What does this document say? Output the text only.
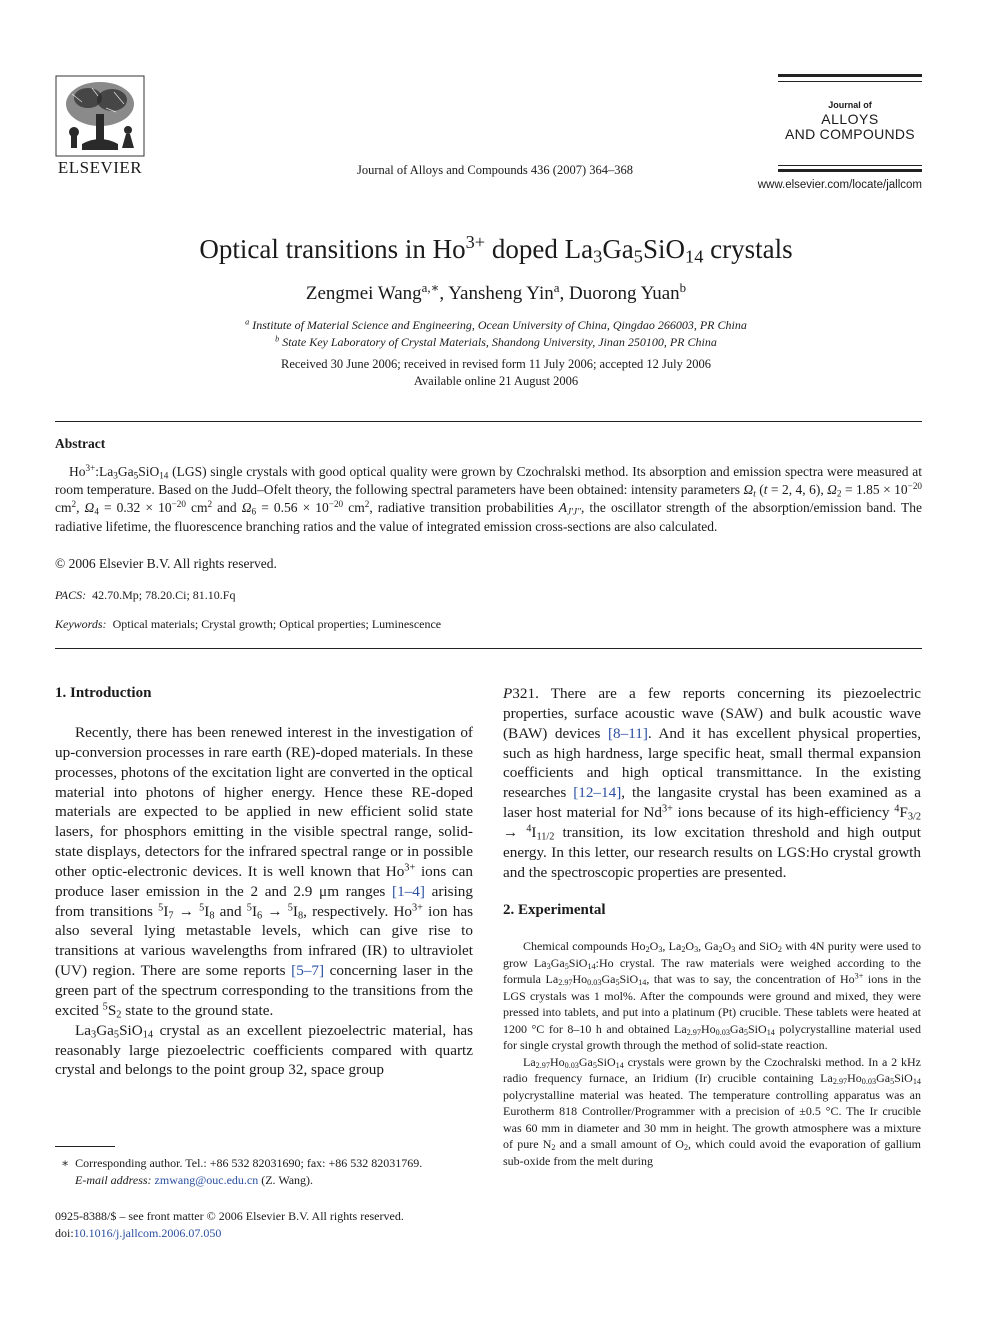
ELSEVIER	Journal of Alloys and Compounds 436 (2007) 364–368
Journal of
ALLOYS
AND COMPOUNDS
www.elsevier.com/locate/jallcom
Optical transitions in $Ho^{3+}$ doped $La_3Ga_5SiO_{14}$ crystals
Zengmei Wang$^{a,∗}$, Yansheng Yin$^a$, Duorong Yuan$^b$
$^a$ Institute of Material Science and Engineering, Ocean University of China, Qingdao 266003, PR China
$^b$ State Key Laboratory of Crystal Materials, Shandong University, Jinan 250100, PR China
Received 30 June 2006; received in revised form 11 July 2006; accepted 12 July 2006
Available online 21 August 2006
Abstract

$Ho^{3+}:La_3Ga_5SiO_{14}$ (LGS) single crystals with good optical quality were grown by Czochralski method. Its absorption and emission spectra were measured at room temperature. Based on the Judd–Ofelt theory, the following spectral parameters have been obtained: intensity parameters $\Omega_t$ (t = 2, 4, 6), $\Omega_2 = 1.85 \times 10^{-20}$ $cm^2$, $\Omega_4 = 0.32 \times 10^{-20}$ $cm^2$ and $\Omega_6 = 0.56 \times 10^{-20}$ $cm^2$, radiative transition probabilities $A_{J'J''}$, the oscillator strength of the absorption/emission band. The radiative lifetime, the fluorescence branching ratios and the value of integrated emission cross-sections are also calculated.

© 2006 Elsevier B.V. All rights reserved.
PACS: 42.70.Mp; 78.20.Ci; 81.10.Fq
Keywords: Optical materials; Crystal growth; Optical properties; Luminescence
1. Introduction

Recently, there has been renewed interest in the investigation of up-conversion processes in rare earth (RE)-doped materials. In these processes, photons of the excitation light are converted in the optical material into photons of higher energy. Hence these RE-doped materials are expected to be applied in new efficient solid state lasers, for phosphors emitting in the visible spectral range, solid-state displays, detectors for the infrared spectral range or in possible other optic-electronic devices. It is well known that $Ho^{3+}$ ions can produce laser emission in the 2 and 2.9 μm ranges [1–4] arising from transitions $^5I_7 \to ^5I_8$ and $^5I_6 \to ^5I_8$, respectively. $Ho^{3+}$ ion has also several lying metastable levels, which can give rise to transitions at various wavelengths from infrared (IR) to ultraviolet (UV) region. There are some reports [5–7] concerning laser in the green part of the spectrum corresponding to the transitions from the excited $^5S_2$ state to the ground state.

$La_3Ga_5SiO_{14}$ crystal as an excellent piezoelectric material, has reasonably large piezoelectric coefficients compared with quartz crystal and belongs to the point group 32, space group

P321. There are a few reports concerning its piezoelectric properties, surface acoustic wave (SAW) and bulk acoustic wave (BAW) devices [8–11]. And it has excellent physical properties, such as high hardness, large specific heat, small thermal expansion coefficients and high optical transmittance. In the existing researches [12–14], the langasite crystal has been examined as a laser host material for $Nd^{3+}$ ions because of its high-efficiency $^4F_{3/2} \to ^4I_{11/2}$ transition, its low excitation threshold and high output energy. In this letter, our research results on LGS:Ho crystal growth and the spectroscopic properties are presented.

2. Experimental

Chemical compounds $Ho_2O_3$, $La_2O_3$, $Ga_2O_3$ and SiO$_2$ with 4N purity were used to grow $La_3Ga_5SiO_{14}:Ho$ crystal. The raw materials were weighed according to the formula $La_{2.97}Ho_{0.03}Ga_5SiO_{14}$, that was to say, the concentration of $Ho^{3+}$ ions in the LGS crystals was 1 mol%. After the compounds were ground and mixed, they were pressed into tablets, and put into a platinum (Pt) crucible. These tablets were heated at 1200 °C for 8–10 h and obtained $La_{2.97}Ho_{0.03}Ga_5SiO_{14}$ polycrystalline material used for single crystal growth through the method of solid-state reaction.

$La_{2.97}Ho_{0.03}Ga_5SiO_{14}$ crystals were grown by the Czochralski method. In a 2 kHz radio frequency furnace, an Iridium (Ir) crucible containing $La_{2.97}Ho_{0.03}Ga_5SiO_{14}$ polycrystalline material was heated. The temperature controlling apparatus was an Eurotherm 818 Controller/Programmer with a precision of ±0.5 °C. The Ir crucible was 60 mm in diameter and 30 mm in height. The growth atmosphere was a mixture of pure $N_2$ and a small amount of $O_2$, which could avoid the evaporation of gallium sub-oxide from the melt during

∗ Corresponding author. Tel.: +86 532 82031690; fax: +86 532 82031769.
E-mail address: zmwang@ouc.edu.cn (Z. Wang).
0925-8388/$ – see front matter © 2006 Elsevier B.V. All rights reserved.
doi:10.1016/j.jallcom.2006.07.050
